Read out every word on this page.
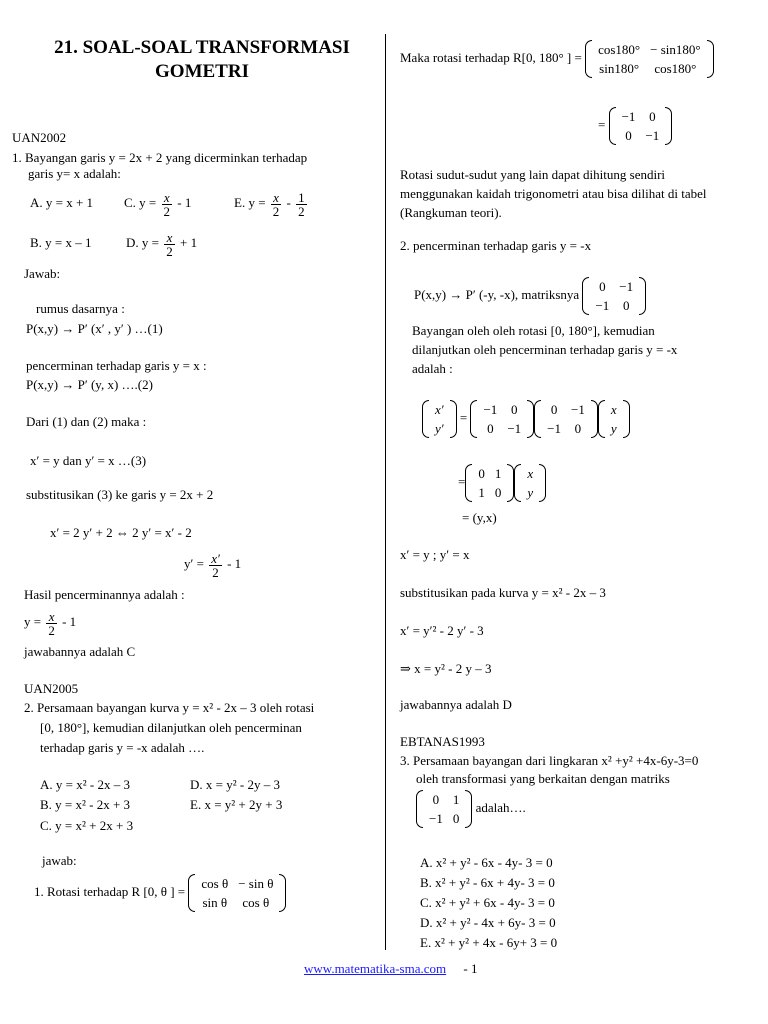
21. SOAL-SOAL TRANSFORMASI
GOMETRI
UAN2002
1. Bayangan garis y = 2x + 2 yang dicerminkan terhadap
garis y= x adalah:
A. y = x + 1 C. $y = \frac{x}{2} - 1$	E. $y = \frac{x}{2} - \frac{1}{2}$
B. y = x – 1	D. $y = \frac{x}{2} + 1$
Jawab:
rumus dasarnya :
P(x,y) → P′ (x′ , y′ ) …(1)
pencerminan terhadap garis y = x :
P(x,y) → P′ (y, x) ….(2)
Dari (1) dan (2) maka :
x′ = y dan y′ = x …(3)
substitusikan (3) ke garis y = 2x + 2
x′ = 2 y′ + 2 ⇔ 2 y′ = x′ - 2
$y' = \frac{x'}{2} - 1$
Hasil pencerminannya adalah :
$y = \frac{x}{2} - 1$
jawabannya adalah C
UAN2005
2. Persamaan bayangan kurva y = x² - 2x – 3 oleh rotasi
[0, 180°], kemudian dilanjutkan oleh pencerminan
terhadap garis y = -x adalah ….
A. y = x² - 2x – 3	D. x = y² - 2y – 3
B. y = x² - 2x + 3	E. x = y² + 2y + 3
C. y = x² + 2x + 3
jawab:
1. Rotasi terhadap R [0, θ ] =
cos θ	− sin θ
sin θ	cos θ
Maka rotasi terhadap R[0, 180° ] =
cos180°	− sin180°
sin180°	cos180°
=
−1	0
0	−1
Rotasi sudut-sudut yang lain dapat dihitung sendiri
menggunakan kaidah trigonometri atau bisa dilihat di tabel
(Rangkuman teori).
2. pencerminan terhadap garis y = -x
P(x,y) → P′ (-y, -x), matriksnya
0	−1
−1	0
Bayangan oleh oleh rotasi [0, 180°], kemudian
dilanjutkan oleh pencerminan terhadap garis y = -x
adalah :
x′
y′
=
−1	0
0	−1
0	−1
−1	0
x
y
=
0	1
1	0
x
y
= (y,x)
x′ = y ; y′ = x
substitusikan pada kurva y = x² - 2x – 3
x′ = y′² - 2 y′ - 3
⇒ x = y² - 2 y – 3
jawabannya adalah D
EBTANAS1993
3. Persamaan bayangan dari lingkaran x² +y² +4x-6y-3=0
oleh transformasi yang berkaitan dengan matriks
0	1
−1	0
adalah….
A. x² + y² - 6x - 4y- 3 = 0
B. x² + y² - 6x + 4y- 3 = 0
C. x² + y² + 6x - 4y- 3 = 0
D. x² + y² - 4x + 6y- 3 = 0
E. x² + y² + 4x - 6y+ 3 = 0
www.matematika-sma.com - 1
